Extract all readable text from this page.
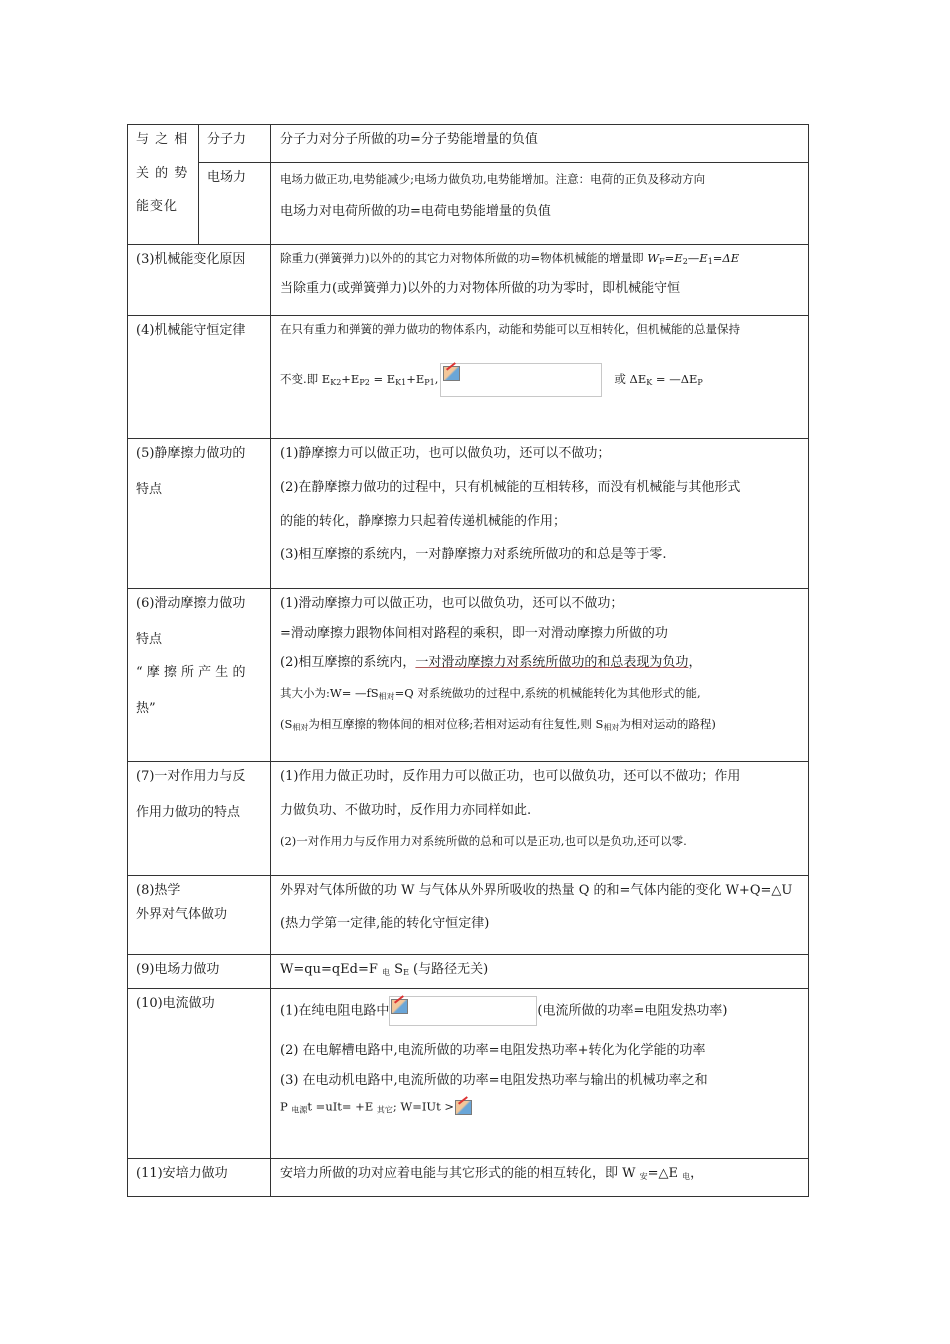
与 之 相
关 的 势
能变化	分子力	分子力对分子所做的功=分子势能增量的负值
	电场力	电场力做正功,电势能减少;电场力做负功,电势能增加。注意：电荷的正负及移动方向
电场力对电荷所做的功=电荷电势能增量的负值

(3)机械能变化原因		除重力(弹簧弹力)以外的的其它力对物体所做的功=物体机械能的增量即 $W_F=E_2—E_1=\Delta E$
当除重力(或弹簧弹力)以外的力对物体所做的功为零时，即机械能守恒

(4)机械能守恒定律		在只有重力和弹簧的弹力做功的物体系内，动能和势能可以互相转化，但机械能的总量保持
不变.即 $E_{K2}+E_{P2} = E_{K1}+E_{P1}$, 或 $\Delta E_K$ = $—\Delta E_P$

(5)静摩擦力做功的
特点		(1)静摩擦力可以做正功，也可以做负功，还可以不做功；
(2)在静摩擦力做功的过程中，只有机械能的互相转移，而没有机械能与其他形式
的能的转化，静摩擦力只起着传递机械能的作用；
(3)相互摩擦的系统内，一对静摩擦力对系统所做功的和总是等于零.

(6)滑动摩擦力做功
特点
“ 摩 擦 所 产 生 的
热”		(1)滑动摩擦力可以做正功，也可以做负功，还可以不做功；
=滑动摩擦力跟物体间相对路程的乘积，即一对滑动摩擦力所做的功
(2)相互摩擦的系统内，一对滑动摩擦力对系统所做功的和总表现为负功，
其大小为:W= $—fS_{相对}=Q$ 对系统做功的过程中,系统的机械能转化为其他形式的能,
($S_{相对}$为相互摩擦的物体间的相对位移;若相对运动有往复性,则 $S_{相对}$为相对运动的路程)

(7)一对作用力与反
作用力做功的特点		(1)作用力做正功时，反作用力可以做正功，也可以做负功，还可以不做功；作用
力做负功、不做功时，反作用力亦同样如此.
(2)一对作用力与反作用力对系统所做的总和可以是正功,也可以是负功,还可以零.

(8)热学
外界对气体做功		外界对气体所做的功 W 与气体从外界所吸收的热量 Q 的和=气体内能的变化 W+Q=△U
(热力学第一定律,能的转化守恒定律)

(9)电场力做功		W=qu=qEd=F $_电$ $S_E$ (与路径无关)

(10)电流做功		(1)在纯电阻电路中 (电流所做的功率=电阻发热功率)
(2) 在电解槽电路中,电流所做的功率=电阻发热功率+转化为化学能的功率
(3) 在电动机电路中,电流所做的功率=电阻发热功率与输出的机械功率之和
P $_{电源}$t =uIt= +E $_{其它}$; W=IUt >

(11)安培力做功		安培力所做的功对应着电能与其它形式的能的相互转化，即 W $_安$=△E $_电$，
